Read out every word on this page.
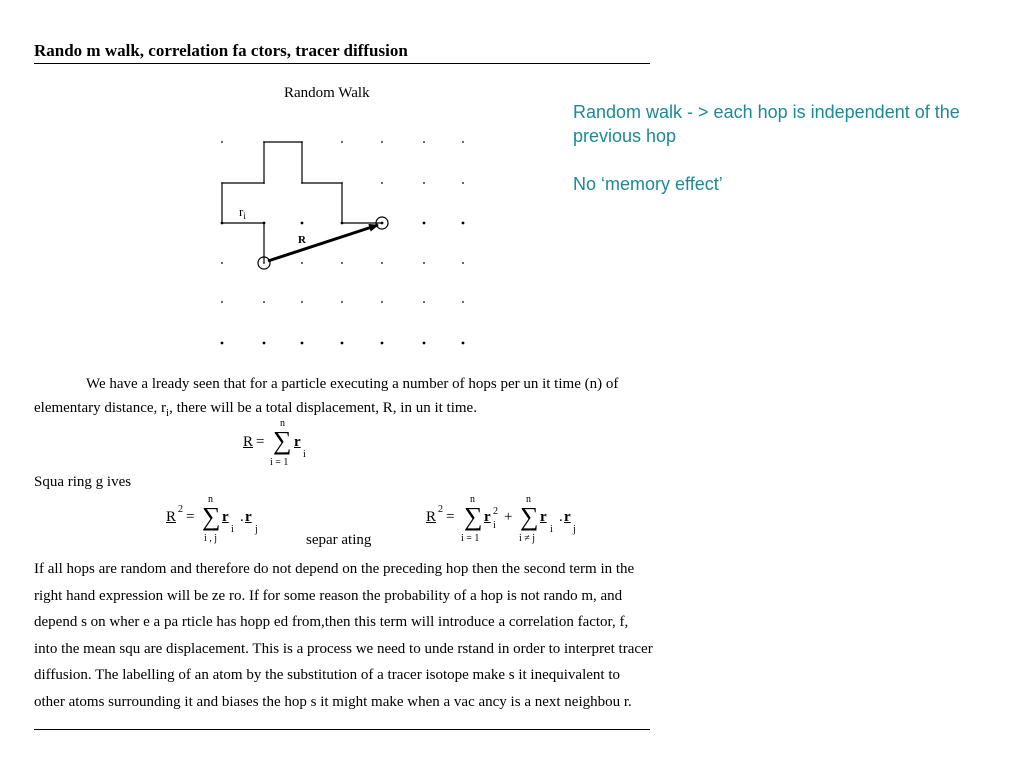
Rando m walk, correlation fa ctors, tracer diffusion
Random Walk
$r_i$
R
Random walk - > each hop is independent of the previous hop
No ‘memory effect’
We have a lready seen that for a particle executing a number of hops per un it time (n) of elementary distance, $r_i$, there will be a total displacement, R, in un it time.
R =
n
∑
i = 1
r
i
Squa ring g ives
R 2 =
n
∑
i , j
r
i
. r
j
separ ating
R 2 =
n
∑
i = 1
r 2
i
+
n
∑
i ≠ j
r
i
. r
j
If all hops are random and therefore do not depend on the preceding hop then the second term in the right hand expression will be ze ro. If for some reason the probability of a hop is not rando m, and depend s on wher e a pa rticle has hopp ed from,then this term will introduce a correlation factor, f, into the mean squ are displacement. This is a process we need to unde rstand in order to interpret tracer diffusion. The labelling of an atom by the substitution of a tracer isotope make s it inequivalent to other atoms surrounding it and biases the hop s it might make when a vac ancy is a next neighbou r.
